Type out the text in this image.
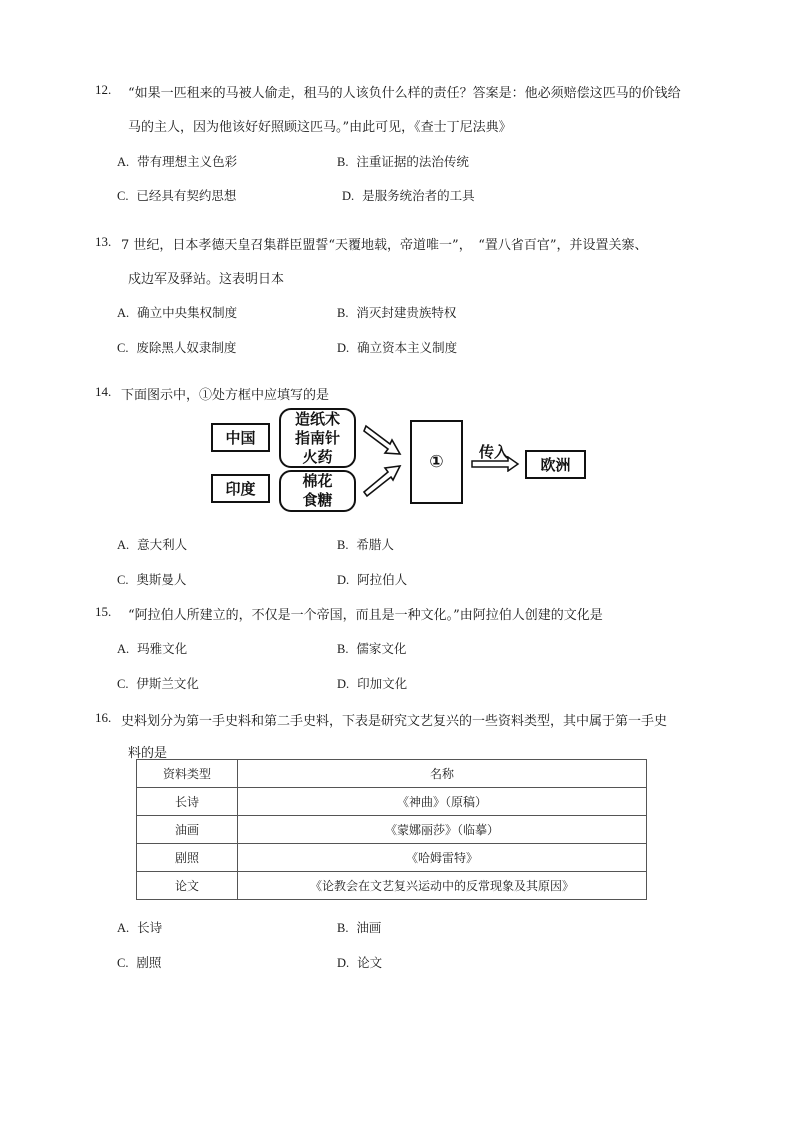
12. “如果一匹租来的马被人偷走，租马的人该负什么样的责任？答案是：他必须赔偿这匹马的价钱给
马的主人，因为他该好好照顾这匹马。”由此可见，《查士丁尼法典》
A. 带有理想主义色彩	B. 注重证据的法治传统
C. 已经具有契约思想	D. 是服务统治者的工具
13. 7 世纪，日本孝德天皇召集群臣盟誓“天覆地载，帝道唯一”，　“置八省百官”，并设置关寨、
戍边军及驿站。这表明日本
A. 确立中央集权制度	B. 消灭封建贵族特权
C. 废除黑人奴隶制度	D. 确立资本主义制度
14. 下面图示中，①处方框中应填写的是
中国
造纸术
指南针
火药
印度	棉花
食糖
①	传入
欧洲
A. 意大利人	B. 希腊人
C. 奥斯曼人	D. 阿拉伯人
15. “阿拉伯人所建立的，不仅是一个帝国，而且是一种文化。”由阿拉伯人创建的文化是
A. 玛雅文化	B. 儒家文化
C. 伊斯兰文化	D. 印加文化
16. 史料划分为第一手史料和第二手史料，下表是研究文艺复兴的一些资料类型，其中属于第一手史
料的是
资料类型	名称
长诗	《神曲》（原稿）
油画	《蒙娜丽莎》（临摹）
剧照	《哈姆雷特》
论文	《论教会在文艺复兴运动中的反常现象及其原因》
A. 长诗	B. 油画
C. 剧照	D. 论文
